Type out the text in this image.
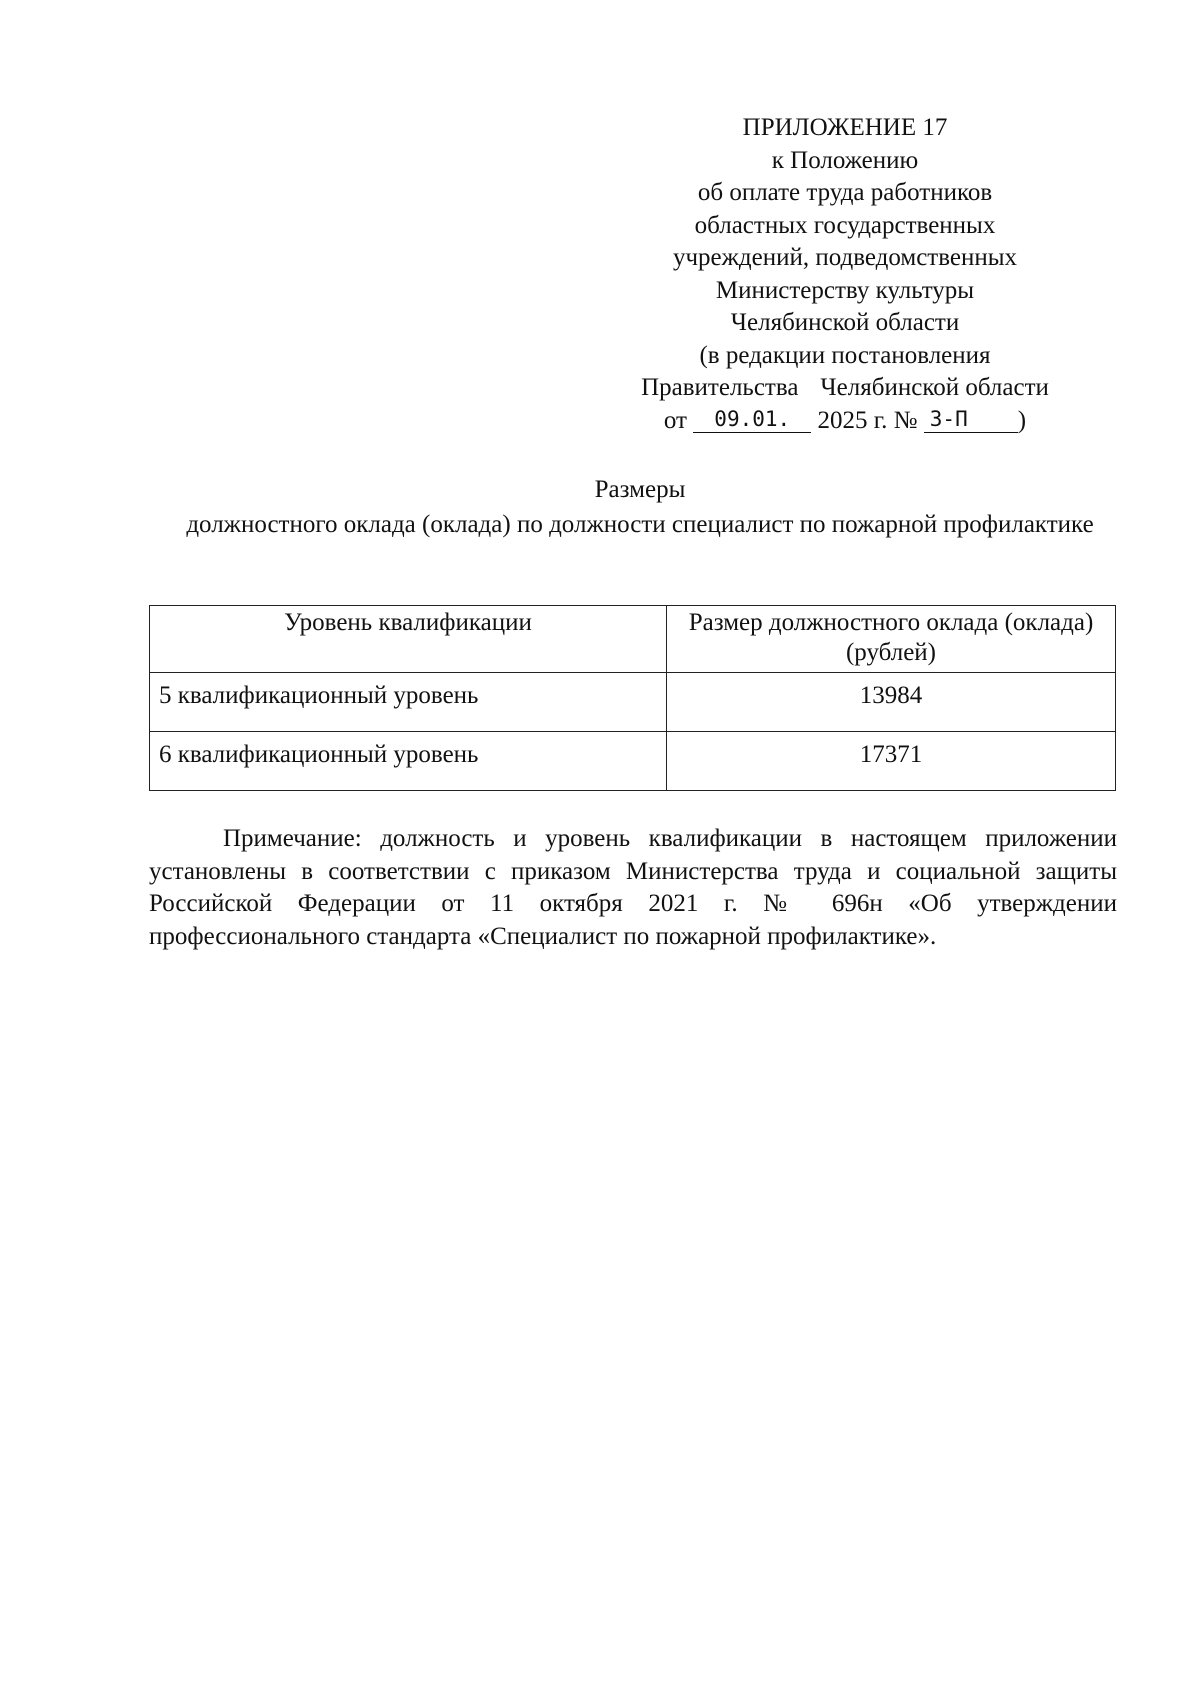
ПРИЛОЖЕНИЕ 17
к Положению
об оплате труда работников
областных государственных
учреждений, подведомственных
Министерству культуры
Челябинской области
(в редакции постановления
Правительства Челябинской области
от 09.01. 2025 г. № 3-П )
Размеры
должностного оклада (оклада) по должности специалист по пожарной профилактике
Уровень квалификации	Размер должностного оклада (оклада) (рублей)
5 квалификационный уровень	13984
6 квалификационный уровень	17371
Примечание: должность и уровень квалификации в настоящем приложении установлены в соответствии с приказом Министерства труда и социальной защиты Российской Федерации от 11 октября 2021 г. № 696н «Об утверждении профессионального стандарта «Специалист по пожарной профилактике».
